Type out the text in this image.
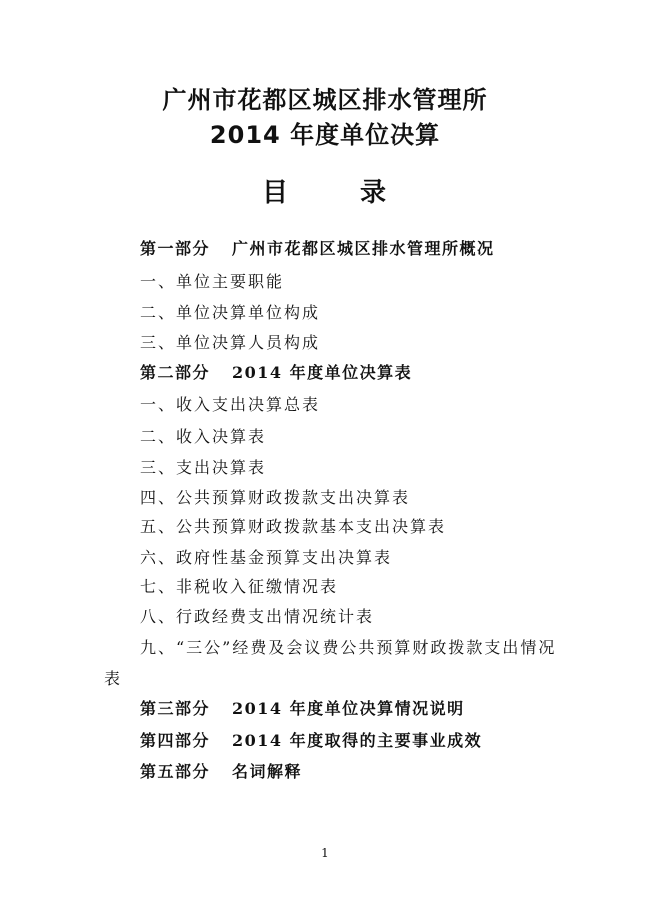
广州市花都区城区排水管理所
2014 年度单位决算
目	录
第一部分 广州市花都区城区排水管理所概况
一、单位主要职能
二、单位决算单位构成
三、单位决算人员构成
第二部分 2014 年度单位决算表
一、收入支出决算总表
二、收入决算表
三、支出决算表
四、公共预算财政拨款支出决算表
五、公共预算财政拨款基本支出决算表
六、政府性基金预算支出决算表
七、非税收入征缴情况表
八、行政经费支出情况统计表
九、“三公”经费及会议费公共预算财政拨款支出情况
表
第三部分 2014 年度单位决算情况说明
第四部分 2014 年度取得的主要事业成效
第五部分 名词解释
1
